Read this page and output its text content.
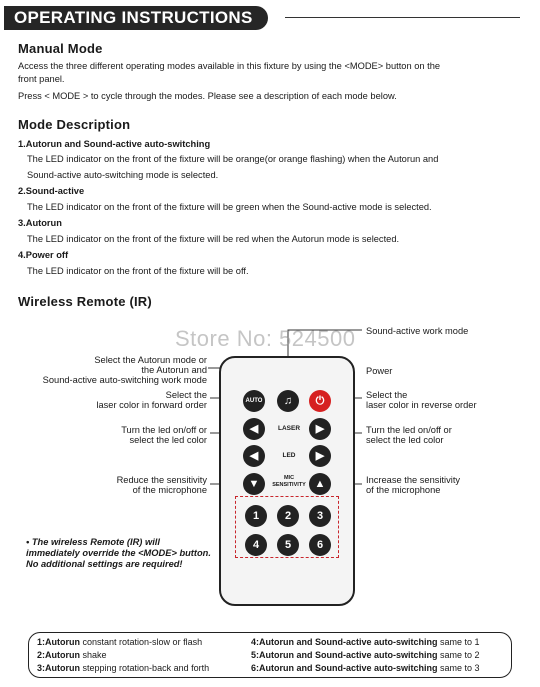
OPERATING INSTRUCTIONS
Manual Mode
Access the three different operating modes available in this fixture by using the <MODE> button on the
front panel.
Press < MODE > to cycle through the modes. Please see a description of each mode below.
Mode Description
1.Autorun and Sound-active auto-switching
The LED indicator on the front of the fixture will be orange(or orange flashing) when the Autorun and
Sound-active auto-switching mode is selected.
2.Sound-active
The LED indicator on the front of the fixture will be green when the Sound-active mode is selected.
3.Autorun
The LED indicator on the front of the fixture will be red when the Autorun mode is selected.
4.Power off
The LED indicator on the front of the fixture will be off.
Wireless Remote (IR)
Select the Autorun mode or
the Autorun and
Sound-active auto-switching work mode
Select the
laser color in forward order
Turn the led on/off or
select the led color
Reduce the sensitivity
of the microphone
Sound-active work mode
Power
Select the
laser color in reverse order
Turn the led on/off or
select the led color
Increase the sensitivity
of the microphone
AUTO	♫	⏻
◀	LASER	▶
◀	LED	▶
▼	MIC
SENSITIVITY ▲
1	2	3
4	5	6
Store No: 524500
• The wireless Remote (IR) will immediately override the <MODE> button. No additional settings are required!
1:Autorun constant rotation-slow or flash	4:Autorun and Sound-active auto-switching same to 1
2:Autorun shake	5:Autorun and Sound-active auto-switching same to 2
3:Autorun stepping rotation-back and forth	6:Autorun and Sound-active auto-switching same to 3
